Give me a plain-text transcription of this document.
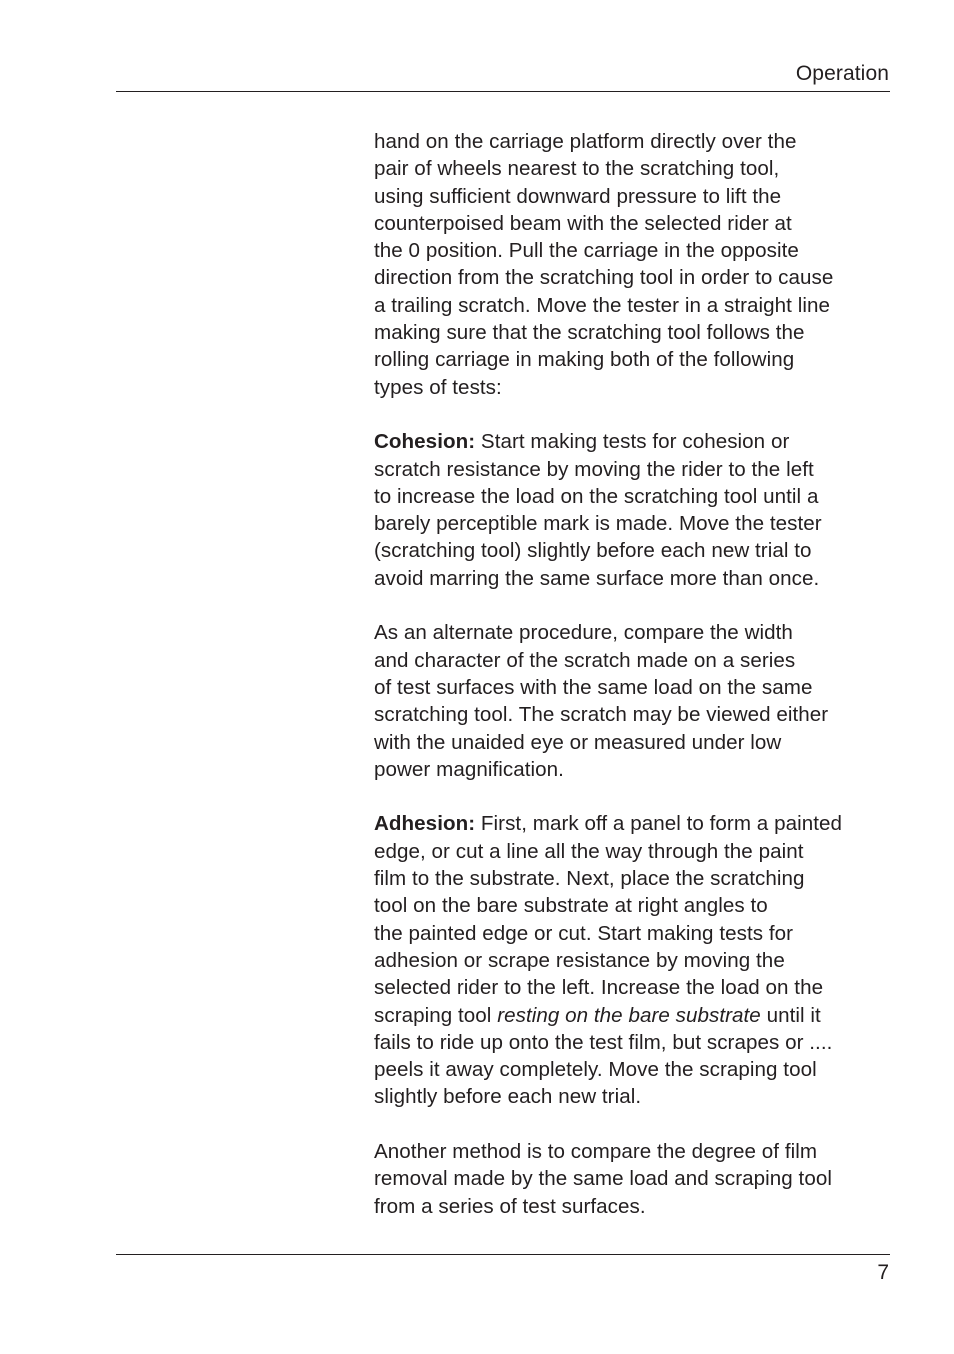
Operation
hand on the carriage platform directly over the
pair of wheels nearest to the scratching tool,
using sufficient downward pressure to lift the
counterpoised beam with the selected rider at
the 0 position. Pull the carriage in the opposite
direction from the scratching tool in order to cause
a trailing scratch. Move the tester in a straight line
making sure that the scratching tool follows the
rolling carriage in making both of the following
types of tests:
Cohesion: Start making tests for cohesion or
scratch resistance by moving the rider to the left
to increase the load on the scratching tool until a
barely perceptible mark is made. Move the tester
(scratching tool) slightly before each new trial to
avoid marring the same surface more than once.
As an alternate procedure, compare the width
and character of the scratch made on a series
of test surfaces with the same load on the same
scratching tool. The scratch may be viewed either
with the unaided eye or measured under low
power magnification.
Adhesion: First, mark off a panel to form a painted
edge, or cut a line all the way through the paint
film to the substrate. Next, place the scratching
tool on the bare substrate at right angles to
the painted edge or cut. Start making tests for
adhesion or scrape resistance by moving the
selected rider to the left. Increase the load on the
scraping tool resting on the bare substrate until it
fails to ride up onto the test film, but scrapes or ....
peels it away completely. Move the scraping tool
slightly before each new trial.
Another method is to compare the degree of film
removal made by the same load and scraping tool
from a series of test surfaces.
7
